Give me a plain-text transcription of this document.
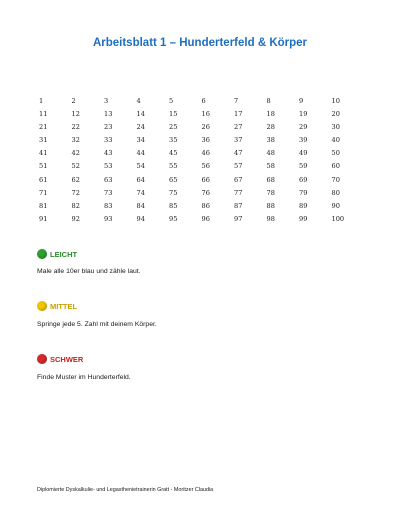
Arbeitsblatt 1 – Hunderterfeld & Körper
1	2	3	4	5	6	7	8	9	10
11	12	13	14	15	16	17	18	19	20
21	22	23	24	25	26	27	28	29	30
31	32	33	34	35	36	37	38	39	40
41	42	43	44	45	46	47	48	49	50
51	52	53	54	55	56	57	58	59	60
61	62	63	64	65	66	67	68	69	70
71	72	73	74	75	76	77	78	79	80
81	82	83	84	85	86	87	88	89	90
91	92	93	94	95	96	97	98	99	100
LEICHT
Male alle 10er blau und zähle laut.
MITTEL
Springe jede 5. Zahl mit deinem Körper.
SCHWER
Finde Muster im Hunderterfeld.
Diplomierte Dyskalkulie- und Legasthenietrainerin Gratt - Moritzer Claudia
